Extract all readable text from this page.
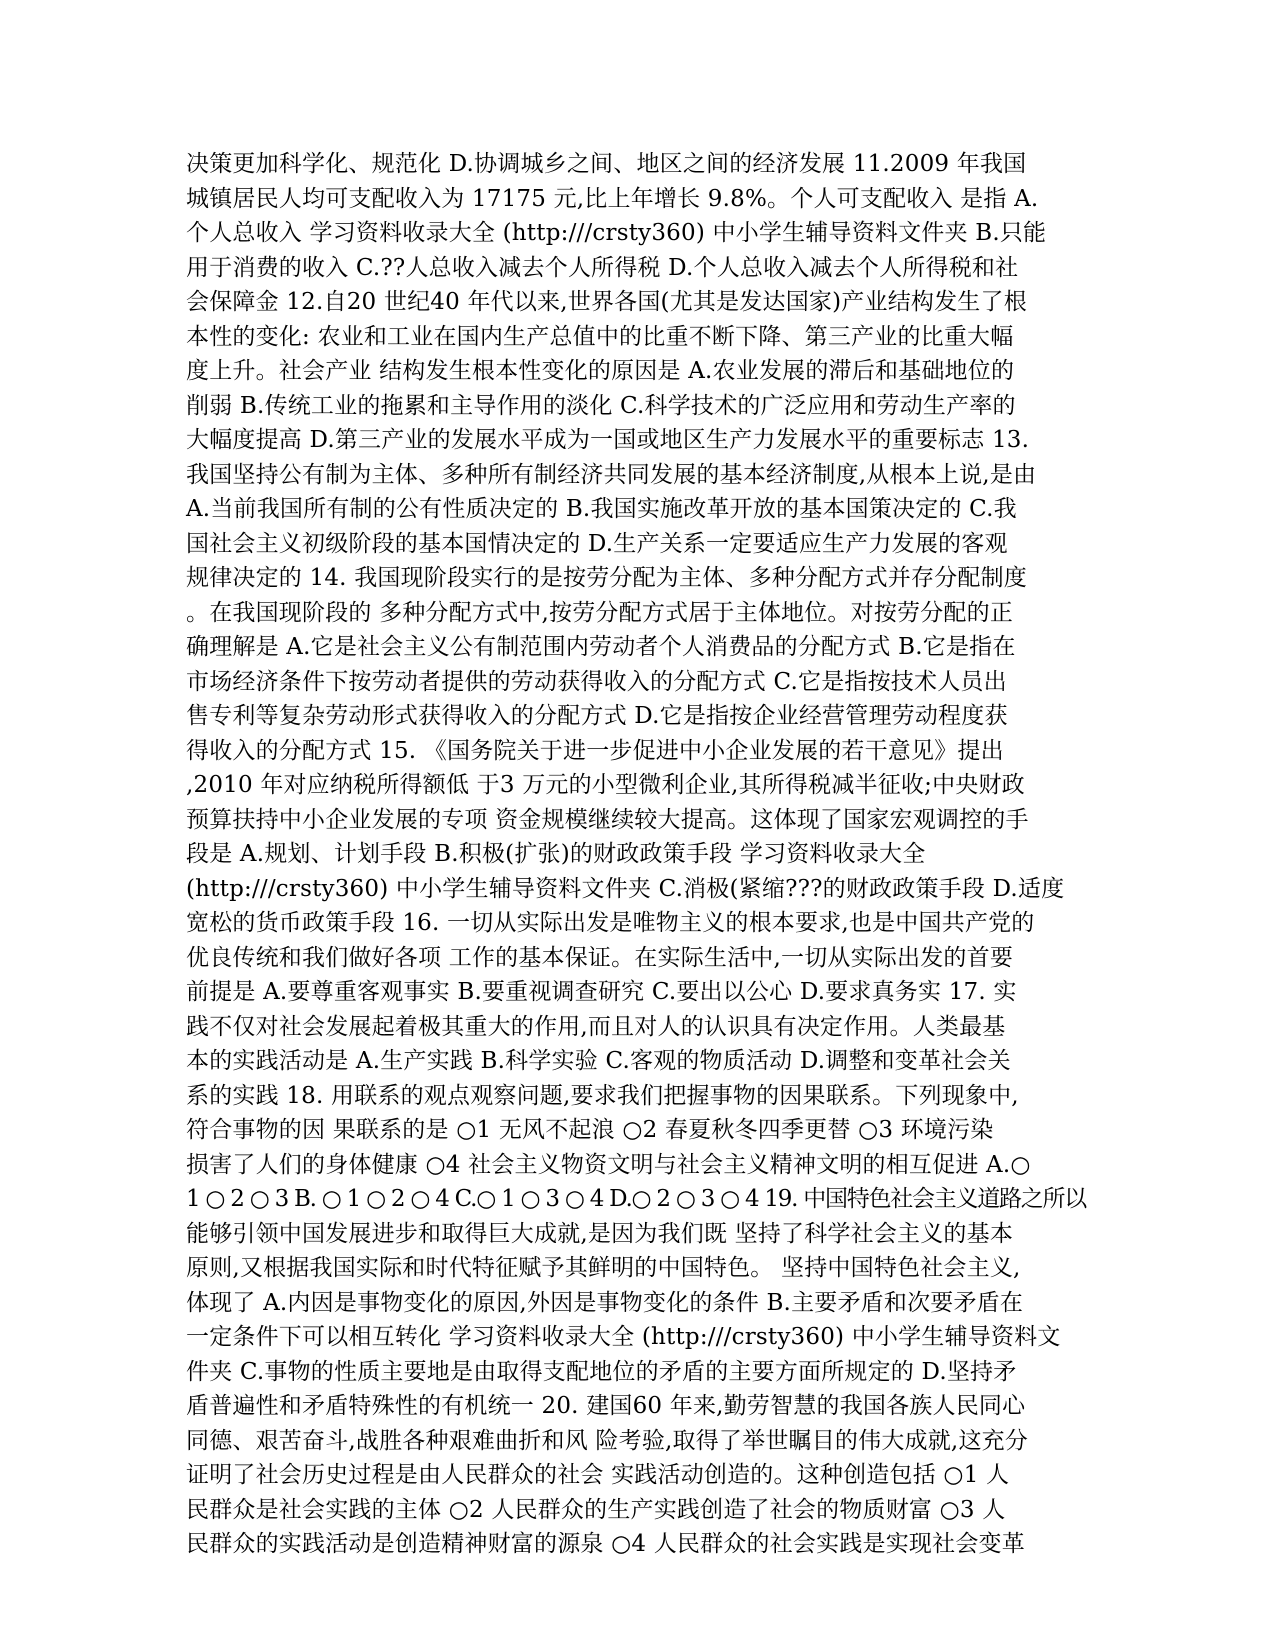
决策更加科学化、规范化 D.协调城乡之间、地区之间的经济发展 11.2009 年我国
城镇居民人均可支配收入为 17175 元,比上年增长 9.8%。个人可支配收入 是指 A.
个人总收入 学习资料收录大全 (http:///crsty360) 中小学生辅导资料文件夹 B.只能
用于消费的收入 C.??人总收入减去个人所得税 D.个人总收入减去个人所得税和社
会保障金 12.自20 世纪40 年代以来,世界各国(尤其是发达国家)产业结构发生了根
本性的变化: 农业和工业在国内生产总值中的比重不断下降、第三产业的比重大幅
度上升。社会产业 结构发生根本性变化的原因是 A.农业发展的滞后和基础地位的
削弱 B.传统工业的拖累和主导作用的淡化 C.科学技术的广泛应用和劳动生产率的
大幅度提高 D.第三产业的发展水平成为一国或地区生产力发展水平的重要标志 13.
我国坚持公有制为主体、多种所有制经济共同发展的基本经济制度,从根本上说,是由
A.当前我国所有制的公有性质决定的 B.我国实施改革开放的基本国策决定的 C.我
国社会主义初级阶段的基本国情决定的 D.生产关系一定要适应生产力发展的客观
规律决定的 14. 我国现阶段实行的是按劳分配为主体、多种分配方式并存分配制度
。在我国现阶段的 多种分配方式中,按劳分配方式居于主体地位。对按劳分配的正
确理解是 A.它是社会主义公有制范围内劳动者个人消费品的分配方式 B.它是指在
市场经济条件下按劳动者提供的劳动获得收入的分配方式 C.它是指按技术人员出
售专利等复杂劳动形式获得收入的分配方式 D.它是指按企业经营管理劳动程度获
得收入的分配方式 15. 《国务院关于进一步促进中小企业发展的若干意见》提出
,2010 年对应纳税所得额低 于3 万元的小型微利企业,其所得税减半征收;中央财政
预算扶持中小企业发展的专项 资金规模继续较大提高。这体现了国家宏观调控的手
段是 A.规划、计划手段 B.积极(扩张)的财政政策手段 学习资料收录大全
(http:///crsty360) 中小学生辅导资料文件夹 C.消极(紧缩???的财政政策手段 D.适度
宽松的货币政策手段 16. 一切从实际出发是唯物主义的根本要求,也是中国共产党的
优良传统和我们做好各项 工作的基本保证。在实际生活中,一切从实际出发的首要
前提是 A.要尊重客观事实 B.要重视调查研究 C.要出以公心 D.要求真务实 17. 实
践不仅对社会发展起着极其重大的作用,而且对人的认识具有决定作用。人类最基
本的实践活动是 A.生产实践 B.科学实验 C.客观的物质活动 D.调整和变革社会关
系的实践 18. 用联系的观点观察问题,要求我们把握事物的因果联系。下列现象中,
符合事物的因 果联系的是 ○1 无风不起浪 ○2 春夏秋冬四季更替 ○3 环境污染
损害了人们的身体健康 ○4 社会主义物资文明与社会主义精神文明的相互促进 A.○
1 ○ 2 ○ 3 B. ○ 1 ○ 2 ○ 4 C.○ 1 ○ 3 ○ 4 D.○ 2 ○ 3 ○ 4 19. 中国特色社会主义道路之所以
能够引领中国发展进步和取得巨大成就,是因为我们既 坚持了科学社会主义的基本
原则,又根据我国实际和时代特征赋予其鲜明的中国特色。 坚持中国特色社会主义,
体现了 A.内因是事物变化的原因,外因是事物变化的条件 B.主要矛盾和次要矛盾在
一定条件下可以相互转化 学习资料收录大全 (http:///crsty360) 中小学生辅导资料文
件夹 C.事物的性质主要地是由取得支配地位的矛盾的主要方面所规定的 D.坚持矛
盾普遍性和矛盾特殊性的有机统一 20. 建国60 年来,勤劳智慧的我国各族人民同心
同德、艰苦奋斗,战胜各种艰难曲折和风 险考验,取得了举世瞩目的伟大成就,这充分
证明了社会历史过程是由人民群众的社会 实践活动创造的。这种创造包括 ○1 人
民群众是社会实践的主体 ○2 人民群众的生产实践创造了社会的物质财富 ○3 人
民群众的实践活动是创造精神财富的源泉 ○4 人民群众的社会实践是实现社会变革
